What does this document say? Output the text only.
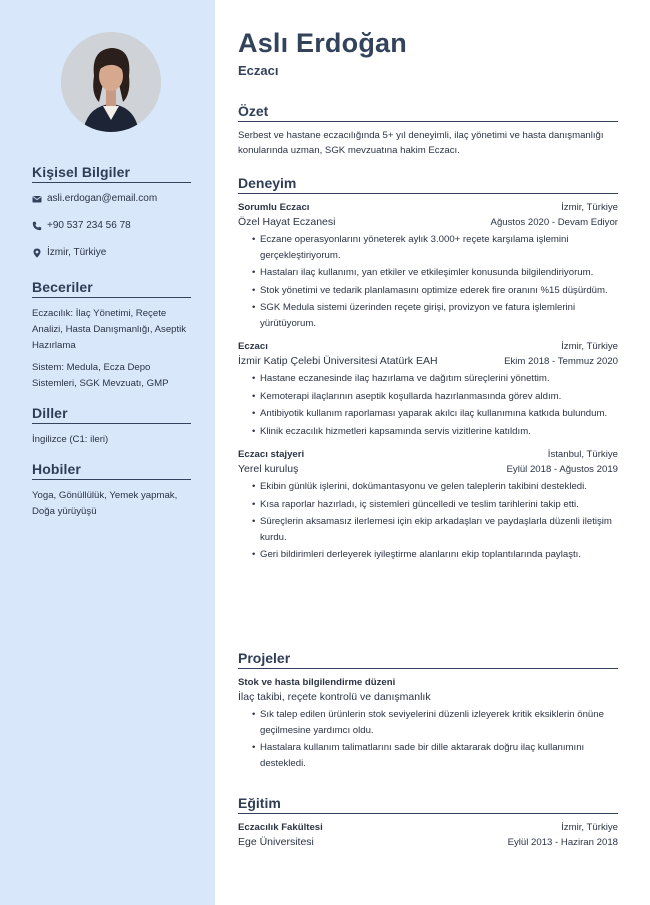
Kişisel Bilgiler
asli.erdogan@email.com
+90 537 234 56 78
İzmir, Türkiye
Beceriler

Eczacılık: İlaç Yönetimi, Reçete Analizi, Hasta Danışmanlığı, Aseptik Hazırlama

Sistem: Medula, Ecza Depo Sistemleri, SGK Mevzuatı, GMP

Diller

İngilizce (C1: ileri)

Hobiler

Yoga, Gönüllülük, Yemek yapmak, Doğa yürüyüşü

Aslı Erdoğan
Eczacı
Özet
Serbest ve hastane eczacılığında 5+ yıl deneyimli, ilaç yönetimi ve hasta danışmanlığı konularında uzman, SGK mevzuatına hakim Eczacı.
Deneyim
Sorumlu Eczacı	İzmir, Türkiye
Özel Hayat Eczanesi	Ağustos 2020 - Devam Ediyor
• Eczane operasyonlarını yöneterek aylık 3.000+ reçete karşılama işlemini gerçekleştiriyorum.
• Hastaları ilaç kullanımı, yan etkiler ve etkileşimler konusunda bilgilendiriyorum.
• Stok yönetimi ve tedarik planlamasını optimize ederek fire oranını %15 düşürdüm.
• SGK Medula sistemi üzerinden reçete girişi, provizyon ve fatura işlemlerini yürütüyorum.
Eczacı	İzmir, Türkiye
İzmir Katip Çelebi Üniversitesi Atatürk EAH	Ekim 2018 - Temmuz 2020
• Hastane eczanesinde ilaç hazırlama ve dağıtım süreçlerini yönettim.
• Kemoterapi ilaçlarının aseptik koşullarda hazırlanmasında görev aldım.
• Antibiyotik kullanım raporlaması yaparak akılcı ilaç kullanımına katkıda bulundum.
• Klinik eczacılık hizmetleri kapsamında servis vizitlerine katıldım.
Eczacı stajyeri	İstanbul, Türkiye
Yerel kuruluş	Eylül 2018 - Ağustos 2019
• Ekibin günlük işlerini, dokümantasyonu ve gelen taleplerin takibini destekledi.
• Kısa raporlar hazırladı, iç sistemleri güncelledi ve teslim tarihlerini takip etti.
• Süreçlerin aksamasız ilerlemesi için ekip arkadaşları ve paydaşlarla düzenli iletişim kurdu.
• Geri bildirimleri derleyerek iyileştirme alanlarını ekip toplantılarında paylaştı.
Projeler
Stok ve hasta bilgilendirme düzeni
İlaç takibi, reçete kontrolü ve danışmanlık
• Sık talep edilen ürünlerin stok seviyelerini düzenli izleyerek kritik eksiklerin önüne geçilmesine yardımcı oldu.
• Hastalara kullanım talimatlarını sade bir dille aktararak doğru ilaç kullanımını destekledi.
Eğitim
Eczacılık Fakültesi	İzmir, Türkiye
Ege Üniversitesi	Eylül 2013 - Haziran 2018
